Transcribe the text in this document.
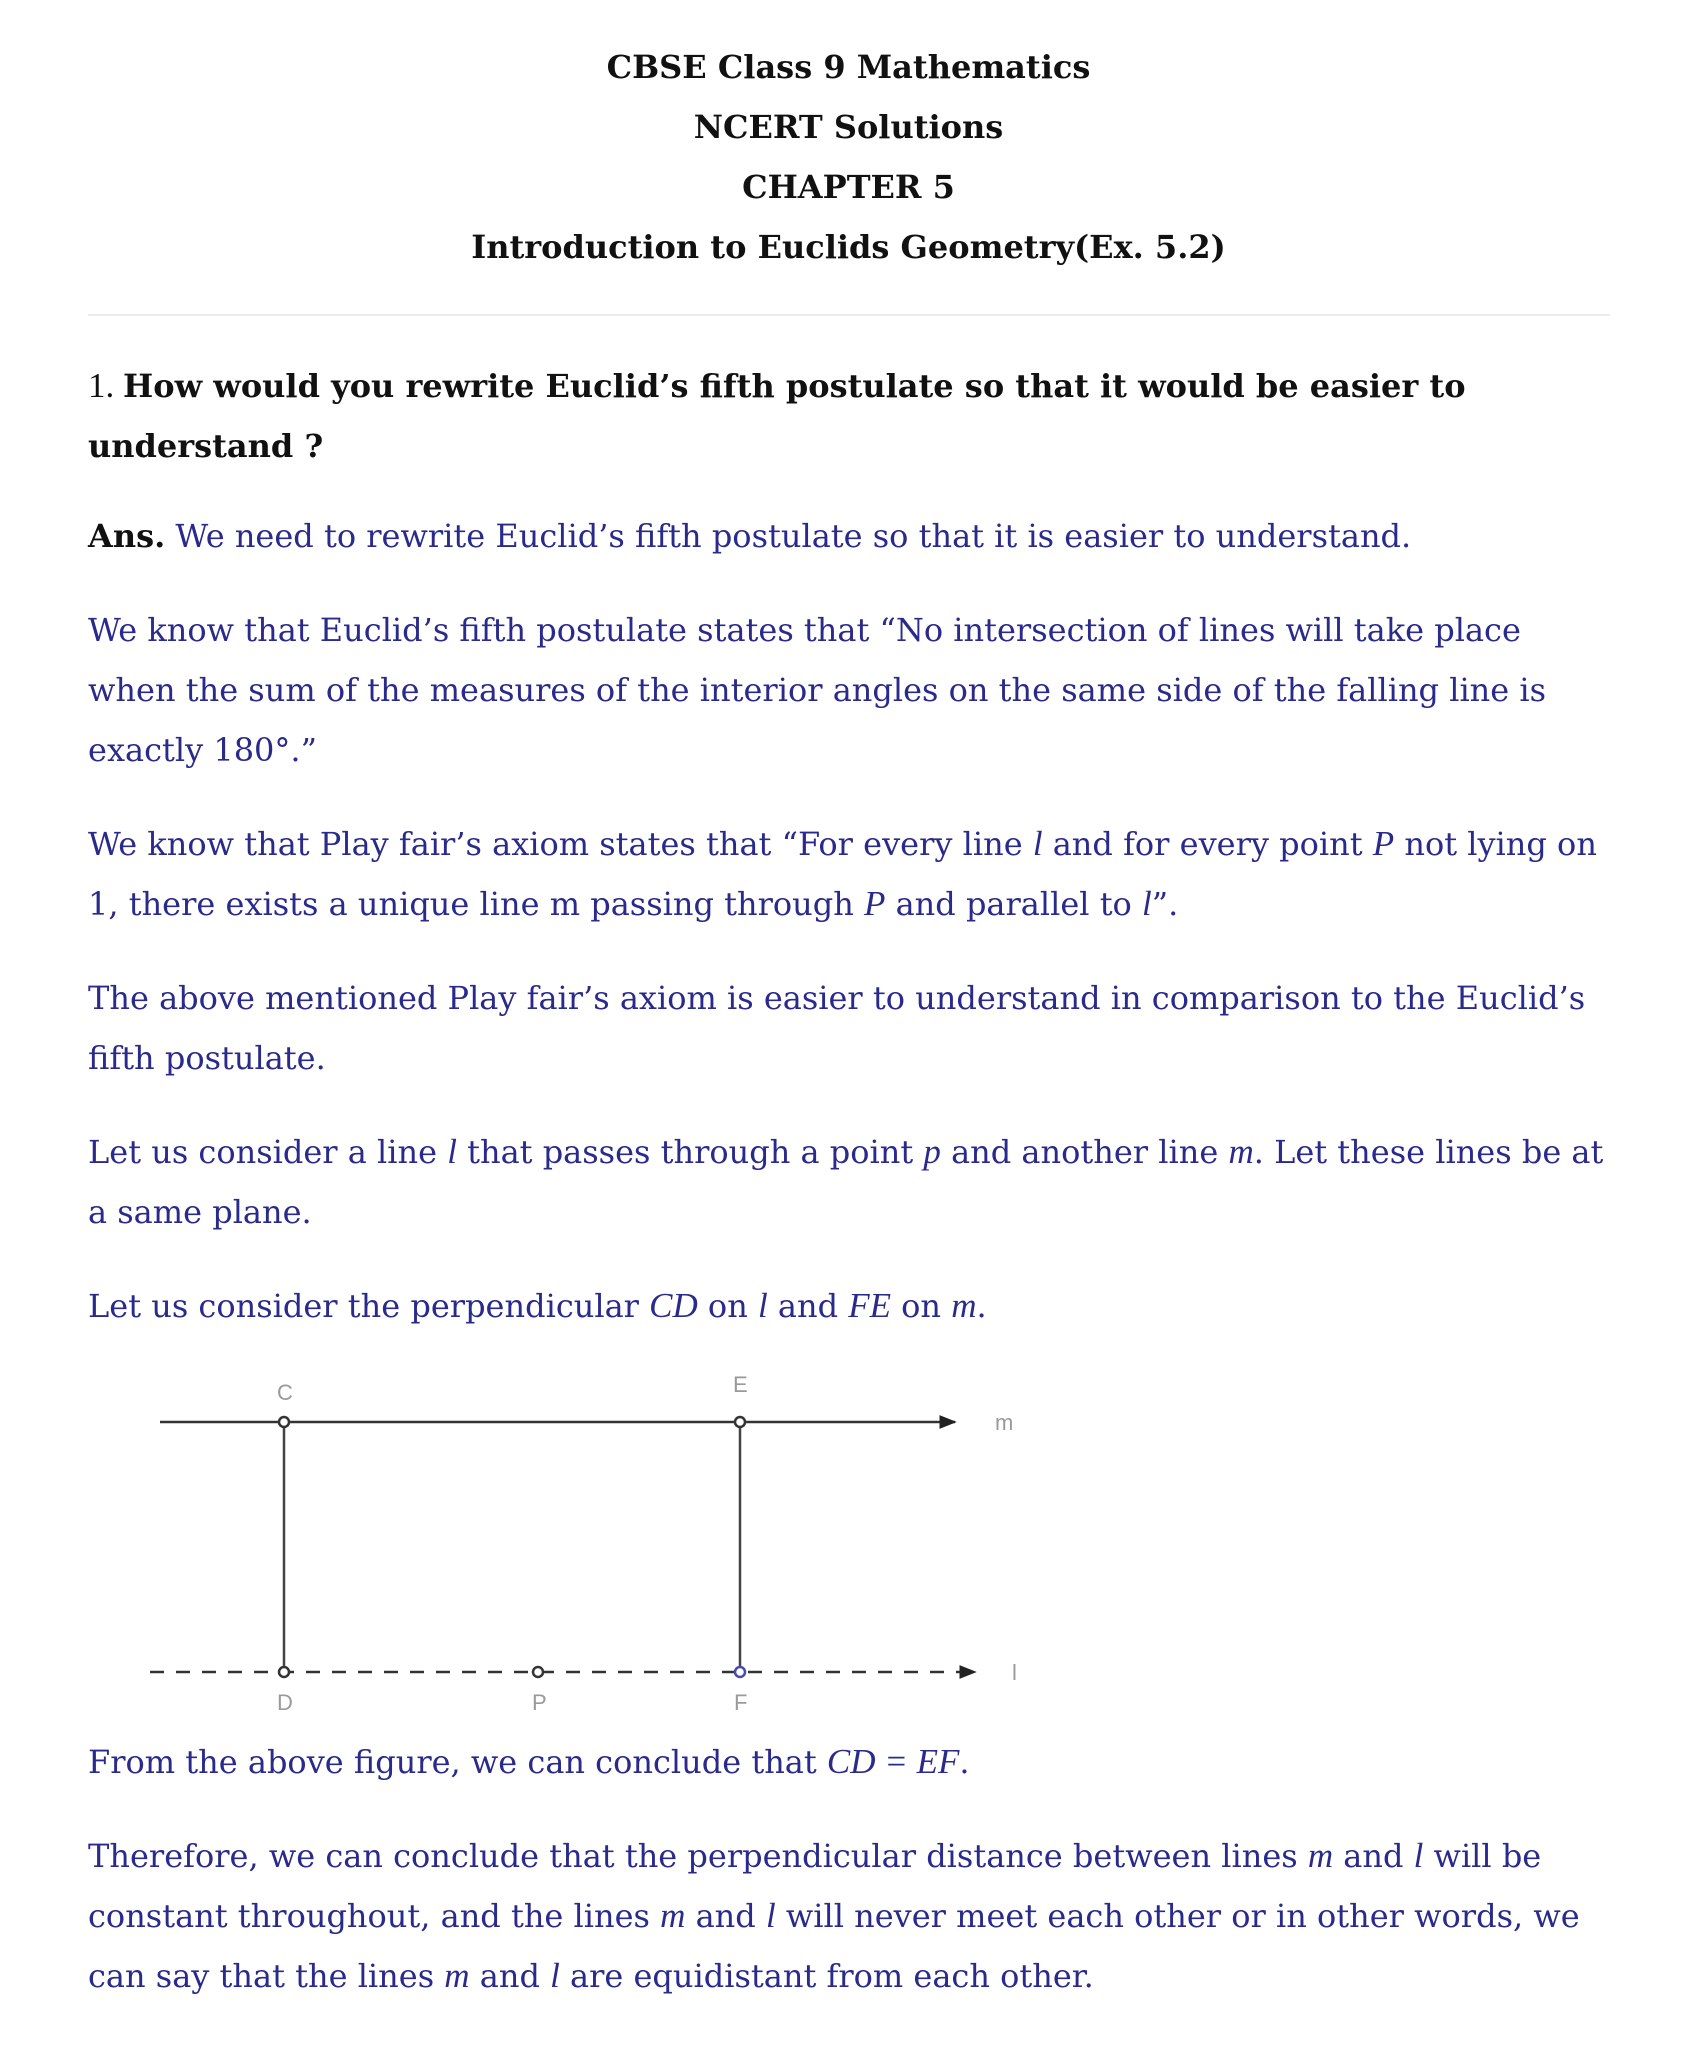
CBSE Class 9 Mathematics
NCERT Solutions
CHAPTER 5
Introduction to Euclids Geometry(Ex. 5.2)
1. How would you rewrite Euclid’s fifth postulate so that it would be easier to
understand ?
Ans. We need to rewrite Euclid’s fifth postulate so that it is easier to understand.
We know that Euclid’s fifth postulate states that “No intersection of lines will take place
when the sum of the measures of the interior angles on the same side of the falling line is
exactly 180°.”
We know that Play fair’s axiom states that “For every line l and for every point P not lying on
1, there exists a unique line m passing through P and parallel to l”.
The above mentioned Play fair’s axiom is easier to understand in comparison to the Euclid’s
fifth postulate.
Let us consider a line l that passes through a point p and another line m. Let these lines be at
a same plane.
Let us consider the perpendicular CD on l and FE on m.
C	E
m
D	P	F
l
From the above figure, we can conclude that CD = EF.
Therefore, we can conclude that the perpendicular distance between lines m and l will be
constant throughout, and the lines m and l will never meet each other or in other words, we
can say that the lines m and l are equidistant from each other.
